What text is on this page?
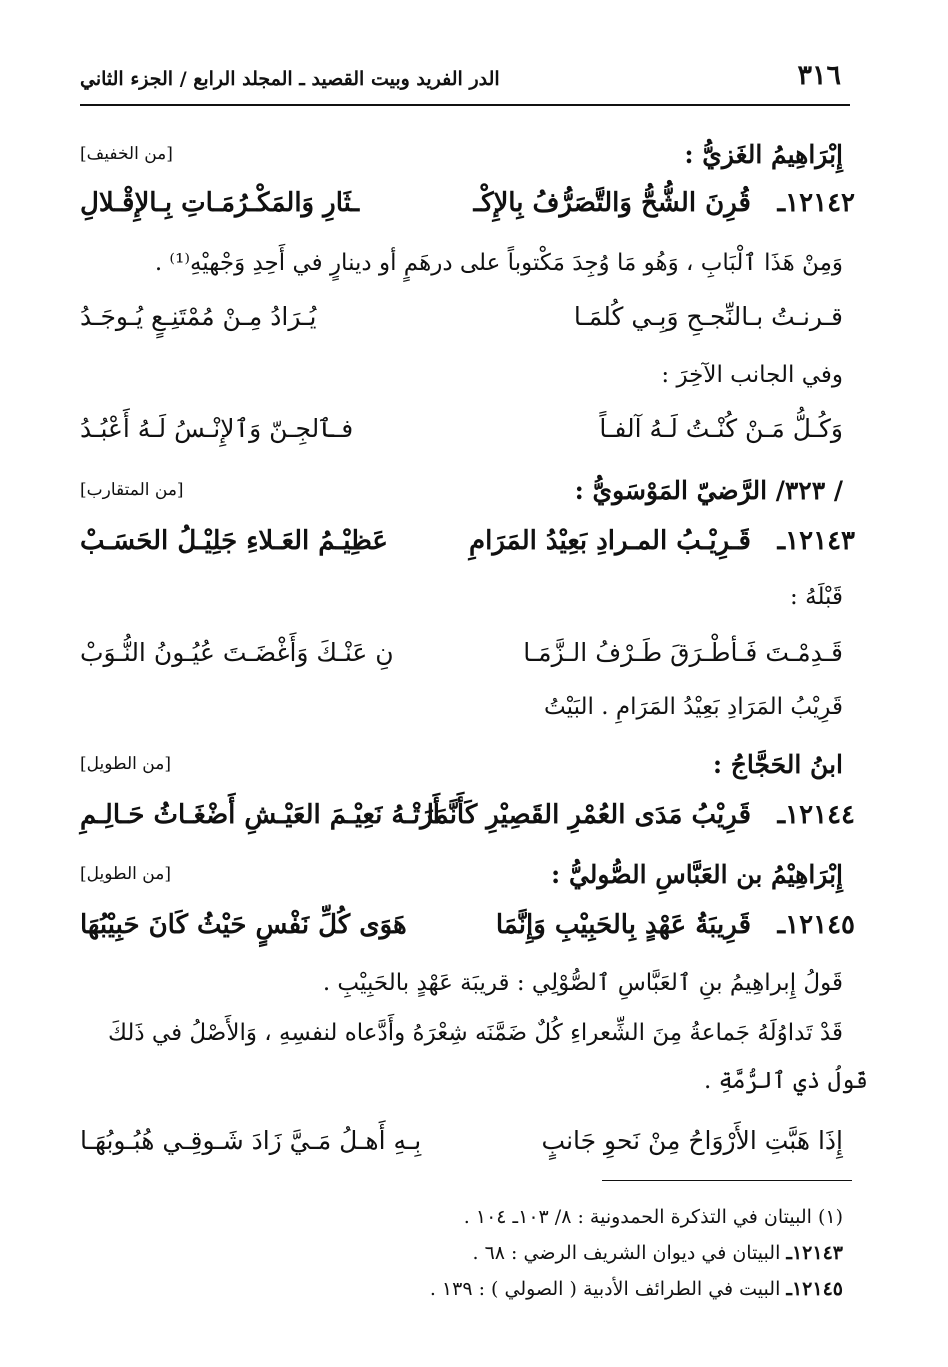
٣١٦
الدر الفريد وبيت القصيد ـ المجلد الرابع / الجزء الثاني
إِبْرَاهِيمُ الغَزيُّ :
[من الخفيف]
١٢١٤٢ـ
قُرِنَ الشُّحُّ وَالتَّصَرُّفُ بِالإِكْـ
ـثَارِ وَالمَكْـرُمَـاتِ بِـالإِقْـلالِ
وَمِنْ هَذَا ٱلْبَابِ ، وَهُو مَا وُجِدَ مَكْتوباً على درهَمٍ أو دينارٍ في أَحِدِ وَجْهيْهِ⁽¹⁾ .
قـرنـتُ بـالنِّجـحِ وَبِـي كُلمَـا
يُـرَادُ مِـنْ مُمْتَنِـعٍ يُـوجَـدُ
وفي الجانب الآخِرَ :
وَكُـلُّ مَـنْ كُنْـتُ لَـهُ آلفـاً
فـٱلجِـنّ وَٱلإِنْـسُ لَـهُ أَعْبُـدُ
/ ٣٢٣/ الرَّضيّ المَوْسَويُّ :
[من المتقارب]
١٢١٤٣ـ
قَـرِيْـبُ المـرادِ بَعِيْدُ المَرَامِ
عَظِيْـمُ العَـلاءِ جَلِيْـلُ الحَسَـبْ
قَبْلَهُ :
قَـدِمْـتَ فَـأطْـرَقَ طَـرْفُ الـزَّمَـا
نِ عَنْـكَ وَأَغْضَـتَ عُيُـونُ النُّـوَبْ
قَرِيْبُ المَرَادِ بَعِيْدُ المَرَامِ . البَيْتُ
ابنُ الحَجَّاجُ :
[من الطويل]
١٢١٤٤ـ
قَرِيْبُ مَدَى العُمْرِ القَصِيْرِ كَأَنَّمَا
أَرَتْـهُ نَعِيْـمَ العَيْـشِ أَضْغَـاثُ حَـالِـمِ
إِبْرَاهِيْمُ بن العَبَّاسِ الصُّوليُّ :
[من الطويل]
١٢١٤٥ـ
قَرِيبَةُ عَهْدٍ بِالحَبِيْبِ وَإِنَّمَا
هَوَى كُلِّ نَفْسٍ حَيْثُ كَانَ حَبِيْبُهَا
قَولُ إِبراهِيمُ بنِ ٱلعَبَّاسِ ٱلصُّوْلِي : قريبَة عَهْدٍ بالحَبِيْبِ .
قَدْ تَداوُلَهُ جَماعةُ مِنَ الشِّعراءِ كُلٌ ضَمَّنَه شِعْرَهُ وأَدَّعاه لنفسِهِ ، وَالأَصْلُ في ذَلكَ
قَولُ ذي ٱلرُّمَّةِ .
إِذَا هَبَّتِ الأَرْوَاحُ مِنْ نَحوِ جَانبٍ
بِـهِ أَهـلُ مَـيَّ زَادَ شَـوقِـي هُبُـوبُهَـا
(١) البيتان في التذكرة الحمدونية : ٨/ ١٠٣ـ ١٠٤ .
١٢١٤٣ـ البيتان في ديوان الشريف الرضي : ٦٨ .
١٢١٤٥ـ البيت في الطرائف الأدبية ( الصولي ) : ١٣٩ .
